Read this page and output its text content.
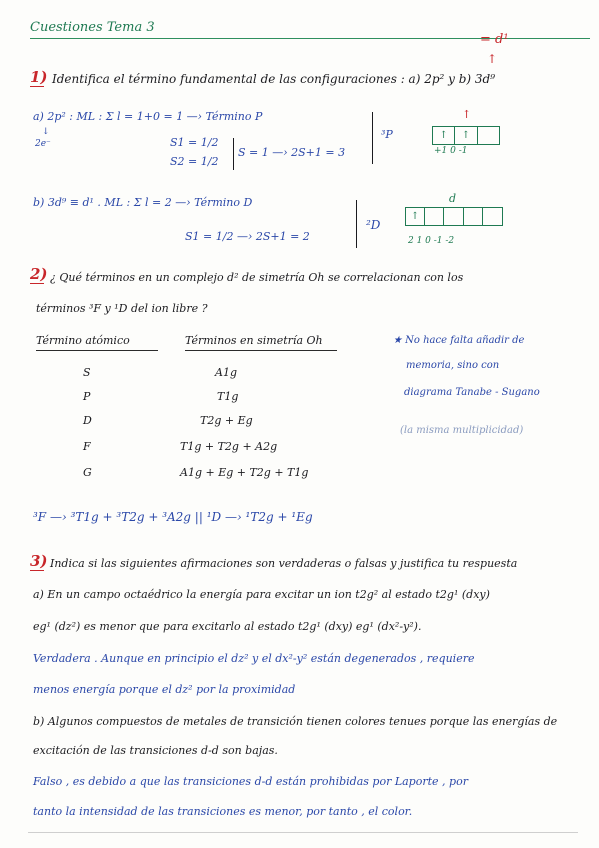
Cuestiones Tema 3
= d¹
↑
1) Identifica el término fundamental de las configuraciones : a) 2p² y b) 3d⁹
a) 2p² : ML : Σ l = 1+0 = 1 —› Término P
↓
2e⁻	S1 = 1/2
S2 = 1/2
S = 1 —› 2S+1 = 3
³P
↑
↑	↑
+1 0 -1
b) 3d⁹ ≡ d¹ . ML : Σ l = 2 —› Término D
S1 = 1/2 —› 2S+1 = 2
²D
d
↑
2 1 0 -1 -2
2) ¿ Qué términos en un complejo d² de simetría Oh se correlacionan con los
términos ³F y ¹D del ion libre ?
Término atómico	Términos en simetría Oh
S	A1g
P	T1g
D	T2g + Eg
F	T1g + T2g + A2g
G	A1g + Eg + T2g + T1g
★ No hace falta añadir de
memoria, sino con
diagrama Tanabe - Sugano
(la misma multiplicidad)
³F —› ³T1g + ³T2g + ³A2g || ¹D —› ¹T2g + ¹Eg
3) Indica si las siguientes afirmaciones son verdaderas o falsas y justifica tu respuesta
a) En un campo octaédrico la energía para excitar un ion t2g² al estado t2g¹ (dxy)
eg¹ (dz²) es menor que para excitarlo al estado t2g¹ (dxy) eg¹ (dx²-y²).
Verdadera . Aunque en principio el dz² y el dx²-y² están degenerados , requiere
menos energía porque el dz² por la proximidad
b) Algunos compuestos de metales de transición tienen colores tenues porque las energías de
excitación de las transiciones d-d son bajas.
Falso , es debido a que las transiciones d-d están prohibidas por Laporte , por
tanto la intensidad de las transiciones es menor, por tanto , el color.
